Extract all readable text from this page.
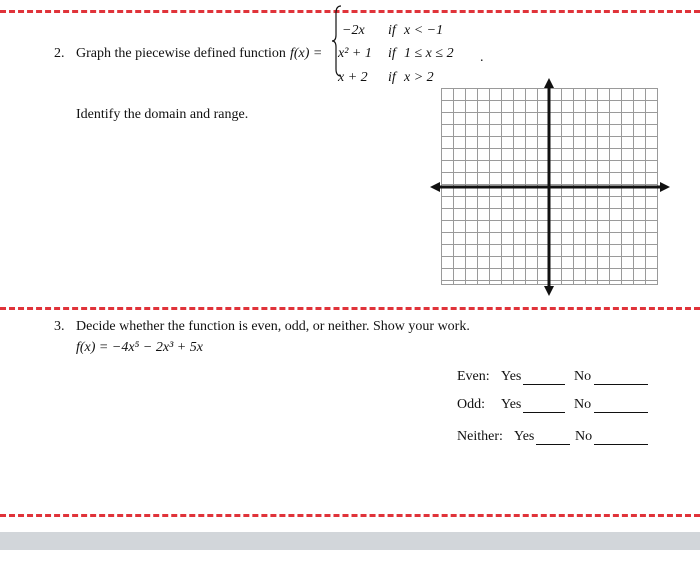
2. Graph the piecewise defined function f(x) =
−2x if x < −1
x² + 1 if 1 ≤ x ≤ 2
x + 2 if x > 2
.
Identify the domain and range.
3. Decide whether the function is even, odd, or neither. Show your work.
f(x) = −4x⁵ − 2x³ + 5x
Even: Yes	No
Odd: Yes	No
Neither: Yes	No
